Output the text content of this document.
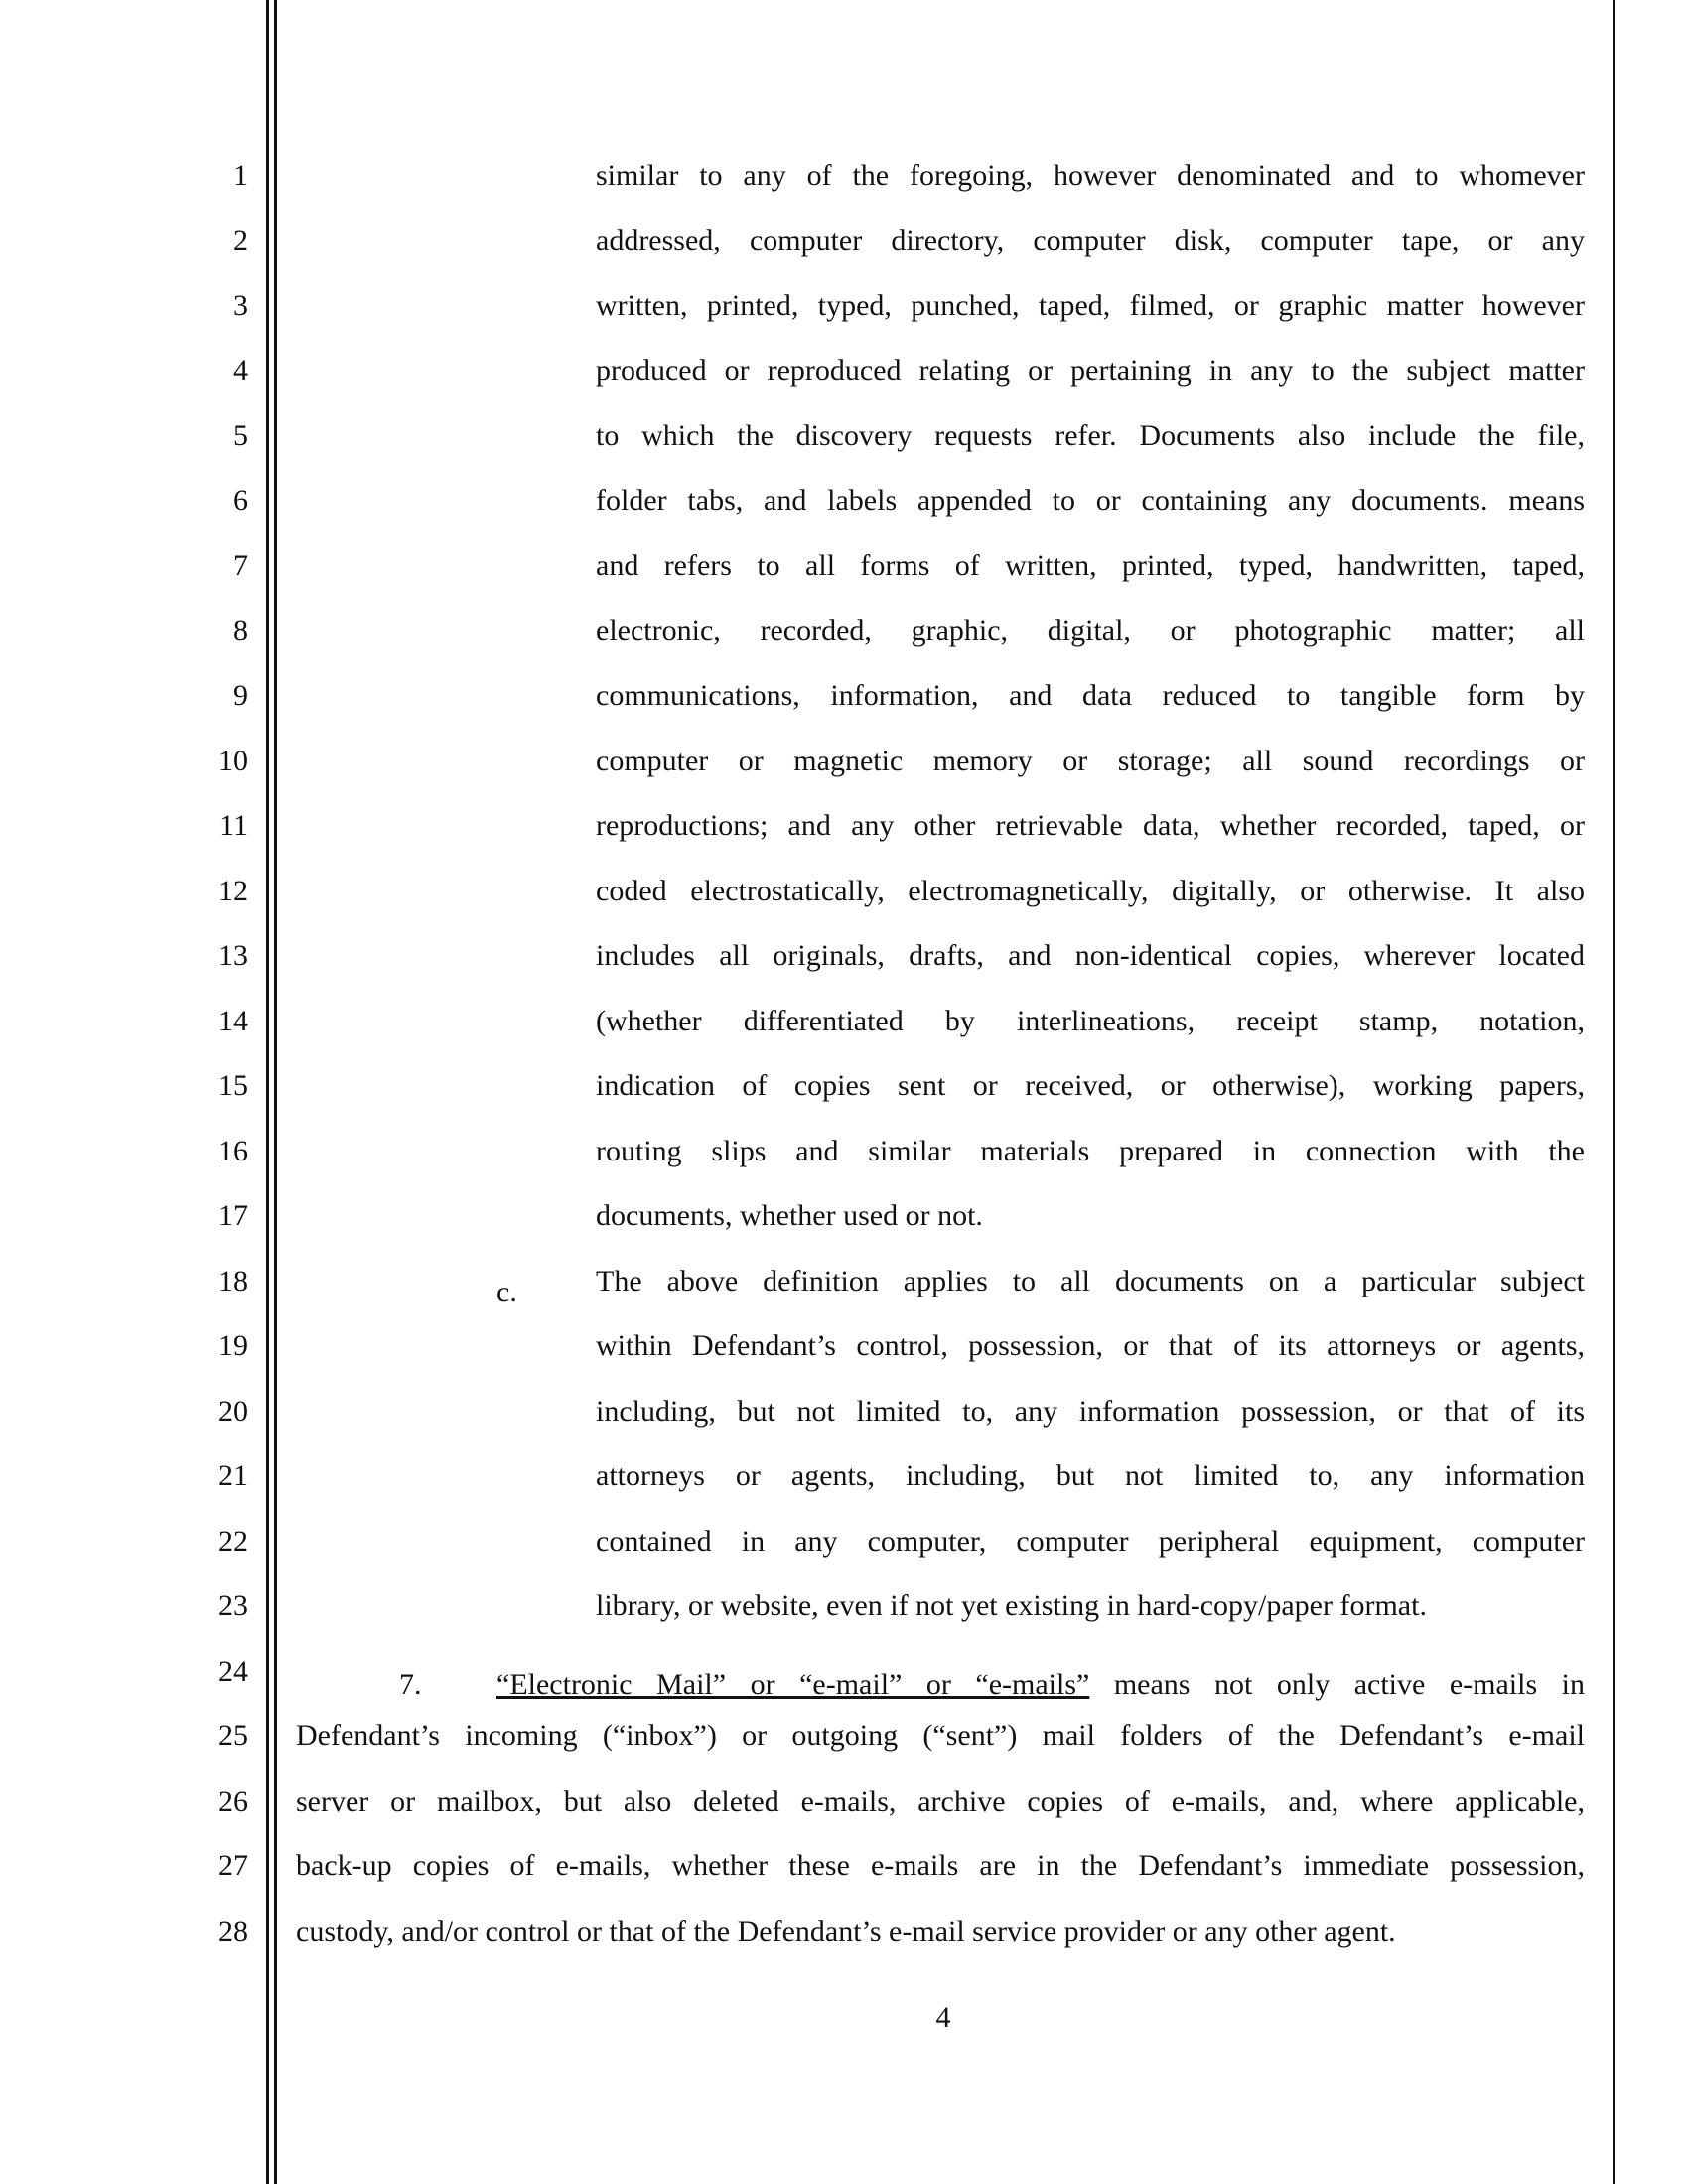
1
2
3
4
5
6
7
8
9
10
11
12
13
14
15
16
17
18
19
20
21
22
23
24
25
26
27
28
similar to any of the foregoing, however denominated and to whomever
addressed, computer directory, computer disk, computer tape, or any
written, printed, typed, punched, taped, filmed, or graphic matter however
produced or reproduced relating or pertaining in any to the subject matter
to which the discovery requests refer. Documents also include the file,
folder tabs, and labels appended to or containing any documents. means
and refers to all forms of written, printed, typed, handwritten, taped,
electronic, recorded, graphic, digital, or photographic matter; all
communications, information, and data reduced to tangible form by
computer or magnetic memory or storage; all sound recordings or
reproductions; and any other retrievable data, whether recorded, taped, or
coded electrostatically, electromagnetically, digitally, or otherwise. It also
includes all originals, drafts, and non-identical copies, wherever located
(whether differentiated by interlineations, receipt stamp, notation,
indication of copies sent or received, or otherwise), working papers,
routing slips and similar materials prepared in connection with the
documents, whether used or not.
c.	The above definition applies to all documents on a particular subject
within Defendant’s control, possession, or that of its attorneys or agents,
including, but not limited to, any information possession, or that of its
attorneys or agents, including, but not limited to, any information
contained in any computer, computer peripheral equipment, computer
library, or website, even if not yet existing in hard-copy/paper format.
7.	“Electronic Mail” or “e-mail” or “e-mails” means not only active e-mails in
Defendant’s incoming (“inbox”) or outgoing (“sent”) mail folders of the Defendant’s e-mail
server or mailbox, but also deleted e-mails, archive copies of e-mails, and, where applicable,
back-up copies of e-mails, whether these e-mails are in the Defendant’s immediate possession,
custody, and/or control or that of the Defendant’s e-mail service provider or any other agent.
4
